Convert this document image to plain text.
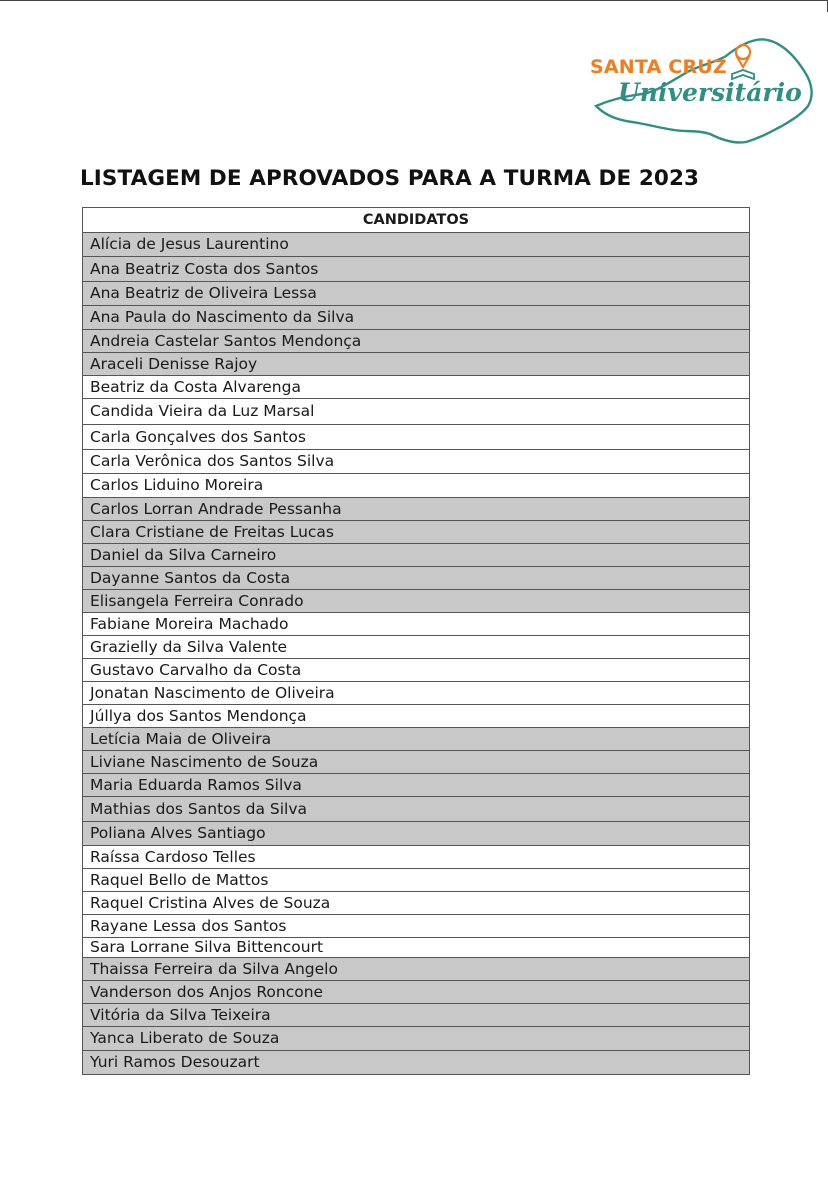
SANTA CRUZ
Universitário
LISTAGEM DE APROVADOS PARA A TURMA DE 2023
CANDIDATOS
Alícia de Jesus Laurentino
Ana Beatriz Costa dos Santos
Ana Beatriz de Oliveira Lessa
Ana Paula do Nascimento da Silva
Andreia Castelar Santos Mendonça
Araceli Denisse Rajoy
Beatriz da Costa Alvarenga
Candida Vieira da Luz Marsal
Carla Gonçalves dos Santos
Carla Verônica dos Santos Silva
Carlos Liduino Moreira
Carlos Lorran Andrade Pessanha
Clara Cristiane de Freitas Lucas
Daniel da Silva Carneiro
Dayanne Santos da Costa
Elisangela Ferreira Conrado
Fabiane Moreira Machado
Grazielly da Silva Valente
Gustavo Carvalho da Costa
Jonatan Nascimento de Oliveira
Júllya dos Santos Mendonça
Letícia Maia de Oliveira
Liviane Nascimento de Souza
Maria Eduarda Ramos Silva
Mathias dos Santos da Silva
Poliana Alves Santiago
Raíssa Cardoso Telles
Raquel Bello de Mattos
Raquel Cristina Alves de Souza
Rayane Lessa dos Santos
Sara Lorrane Silva Bittencourt
Thaissa Ferreira da Silva Angelo
Vanderson dos Anjos Roncone
Vitória da Silva Teixeira
Yanca Liberato de Souza
Yuri Ramos Desouzart
